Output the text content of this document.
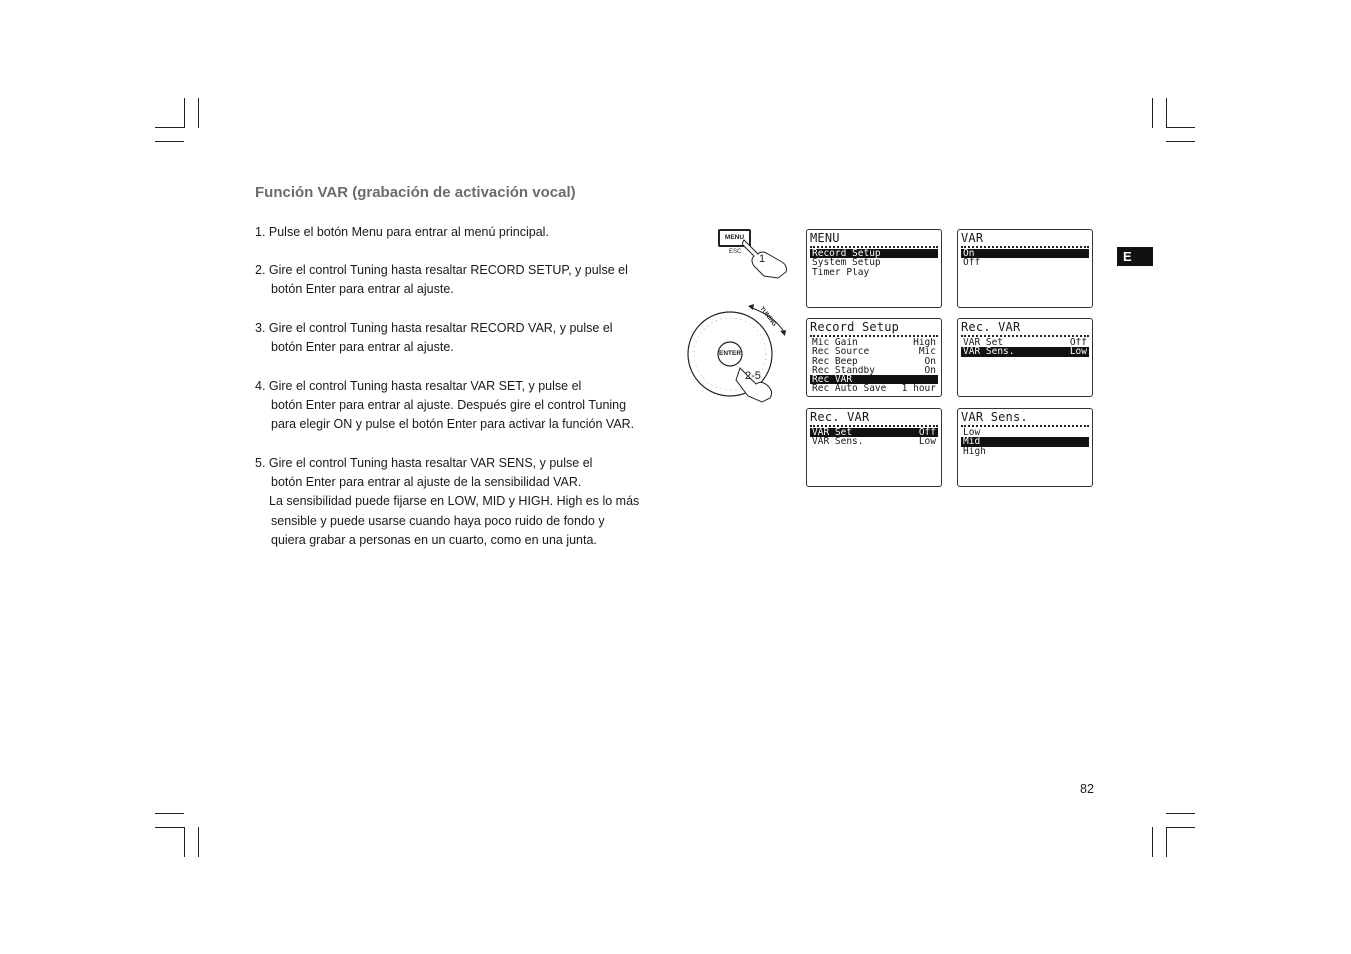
Función VAR (grabación de activación vocal)
1. Pulse el botón Menu para entrar al menú principal.
2. Gire el control Tuning hasta resaltar RECORD SETUP, y pulse el
botón Enter para entrar al ajuste.
3. Gire el control Tuning hasta resaltar RECORD VAR, y pulse el
botón Enter para entrar al ajuste.
4. Gire el control Tuning hasta resaltar VAR SET, y pulse el
botón Enter para entrar al ajuste. Después gire el control Tuning
para elegir ON y pulse el botón Enter para activar la función VAR.
5. Gire el control Tuning hasta resaltar VAR SENS, y pulse el
botón Enter para entrar al ajuste de la sensibilidad VAR.
La sensibilidad puede fijarse en LOW, MID y HIGH. High es lo más
sensible y puede usarse cuando haya poco ruido de fondo y
quiera grabar a personas en un cuarto, como en una junta.
MENU
ESC
1
ENTER
TUNING
2-5
MENU
Record Setup
System Setup
Timer Play
VAR
On
Off
Record Setup
Mic Gain	High
Rec Source	Mic
Rec Beep	On
Rec Standby	On
Rec VAR
Rec Auto Save 1 hour
Rec. VAR
VAR Set	Off
VAR Sens.	Low
Rec. VAR
VAR Set	Off
VAR Sens.	Low
VAR Sens.
Low
Mid
High
E
82
